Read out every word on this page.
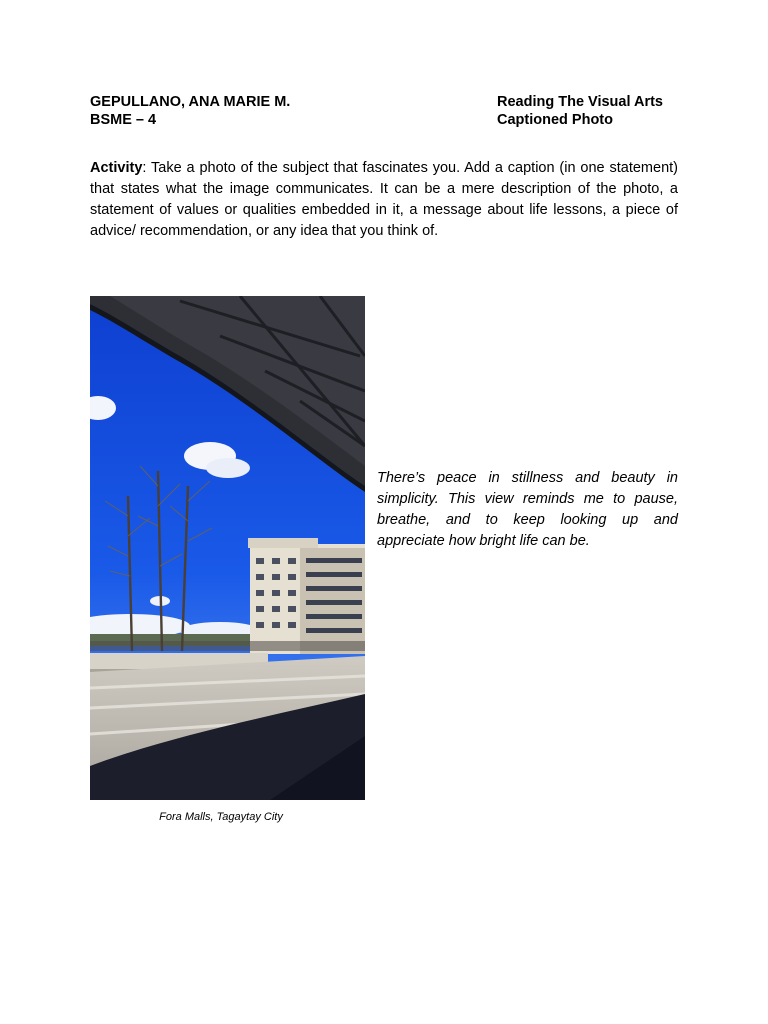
GEPULLANO, ANA MARIE M.
BSME – 4
Reading The Visual Arts
Captioned Photo
Activity: Take a photo of the subject that fascinates you. Add a caption (in one statement) that states what the image communicates. It can be a mere description of the photo, a statement of values or qualities embedded in it, a message about life lessons, a piece of advice/ recommendation, or any idea that you think of.
Fora Malls, Tagaytay City
There’s peace in stillness and beauty in simplicity. This view reminds me to pause, breathe, and to keep looking up and appreciate how bright life can be.
